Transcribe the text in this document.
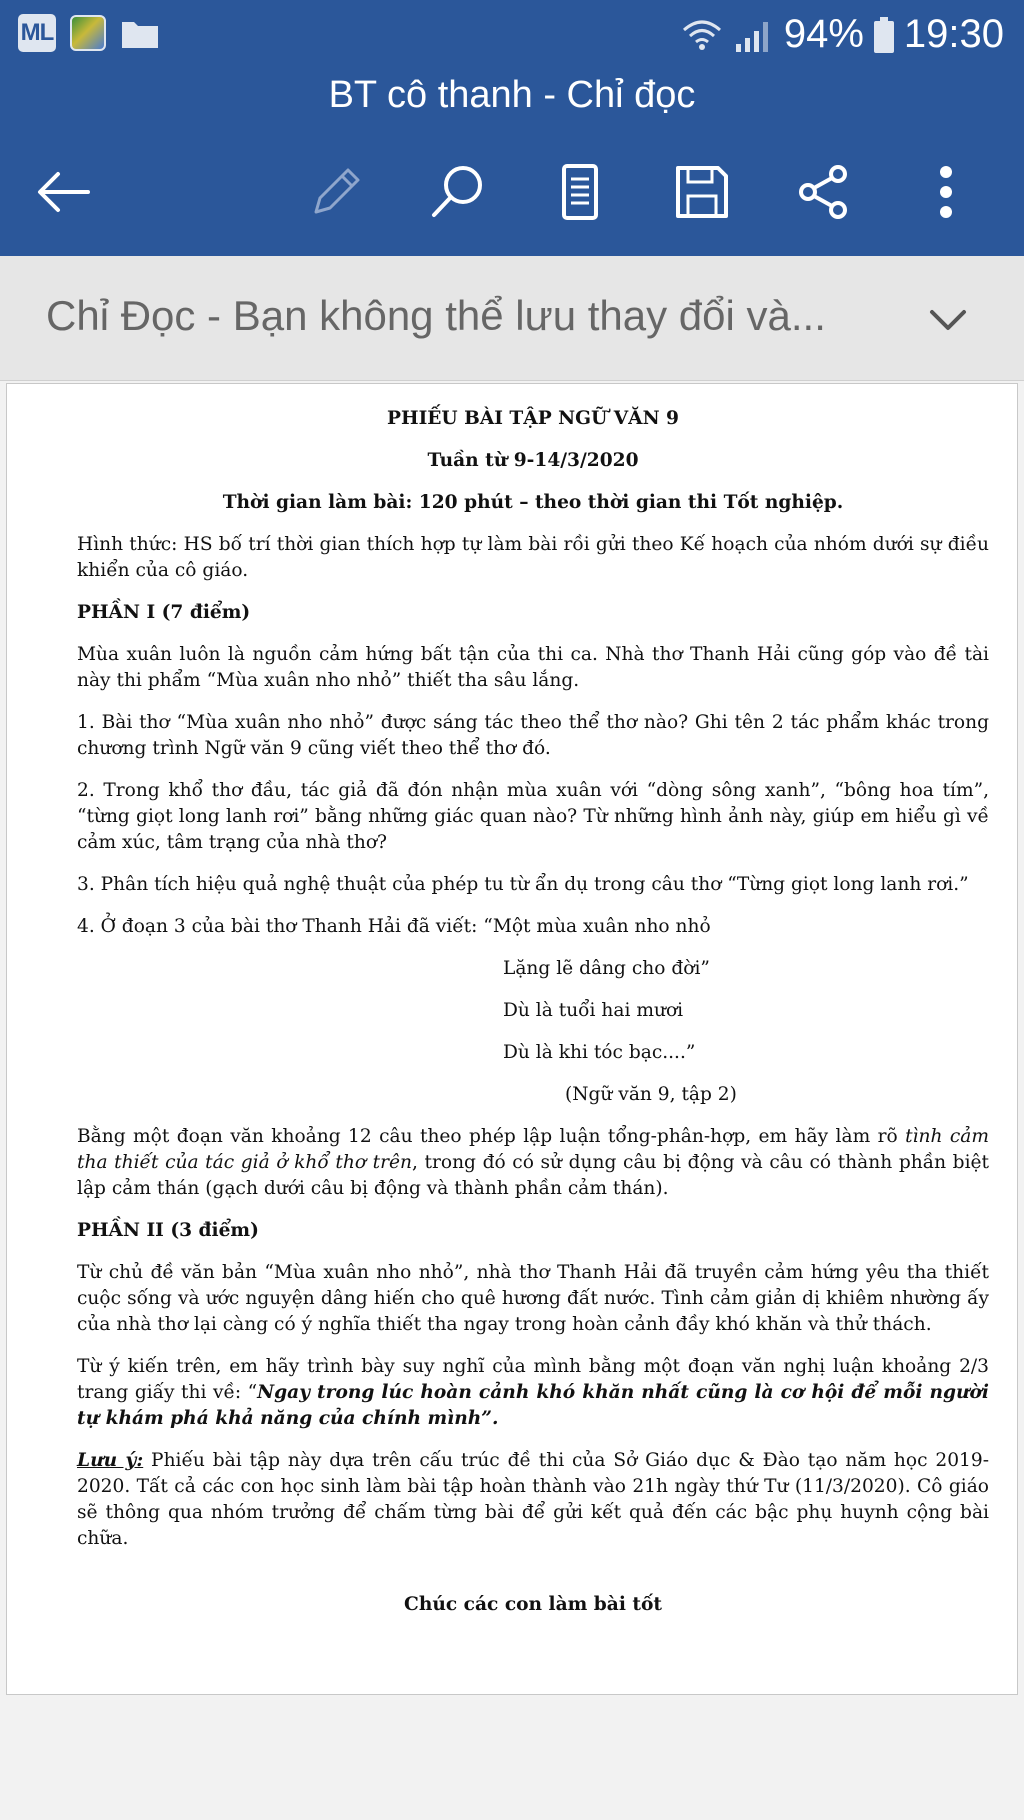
ML	94% 19:30
BT cô thanh - Chỉ đọc
Chỉ Đọc - Bạn không thể lưu thay đổi và...

PHIẾU BÀI TẬP NGỮ VĂN 9

Tuần từ 9-14/3/2020

Thời gian làm bài: 120 phút – theo thời gian thi Tốt nghiệp.

Hình thức: HS bố trí thời gian thích hợp tự làm bài rồi gửi theo Kế hoạch của nhóm dưới sự điều khiển của cô giáo.

PHẦN I (7 điểm)

Mùa xuân luôn là nguồn cảm hứng bất tận của thi ca. Nhà thơ Thanh Hải cũng góp vào đề tài này thi phẩm “Mùa xuân nho nhỏ” thiết tha sâu lắng.

1. Bài thơ “Mùa xuân nho nhỏ” được sáng tác theo thể thơ nào? Ghi tên 2 tác phẩm khác trong chương trình Ngữ văn 9 cũng viết theo thể thơ đó.

2. Trong khổ thơ đầu, tác giả đã đón nhận mùa xuân với “dòng sông xanh”, “bông hoa tím”, “từng giọt long lanh rơi” bằng những giác quan nào? Từ những hình ảnh này, giúp em hiểu gì về cảm xúc, tâm trạng của nhà thơ?

3. Phân tích hiệu quả nghệ thuật của phép tu từ ẩn dụ trong câu thơ “Từng giọt long lanh rơi.”

4. Ở đoạn 3 của bài thơ Thanh Hải đã viết: “Một mùa xuân nho nhỏ

Lặng lẽ dâng cho đời”

Dù là tuổi hai mươi

Dù là khi tóc bạc....”

(Ngữ văn 9, tập 2)

Bằng một đoạn văn khoảng 12 câu theo phép lập luận tổng-phân-hợp, em hãy làm rõ tình cảm tha thiết của tác giả ở khổ thơ trên, trong đó có sử dụng câu bị động và câu có thành phần biệt lập cảm thán (gạch dưới câu bị động và thành phần cảm thán).

PHẦN II (3 điểm)

Từ chủ đề văn bản “Mùa xuân nho nhỏ”, nhà thơ Thanh Hải đã truyền cảm hứng yêu tha thiết cuộc sống và ước nguyện dâng hiến cho quê hương đất nước. Tình cảm giản dị khiêm nhường ấy của nhà thơ lại càng có ý nghĩa thiết tha ngay trong hoàn cảnh đầy khó khăn và thử thách.

Từ ý kiến trên, em hãy trình bày suy nghĩ của mình bằng một đoạn văn nghị luận khoảng 2/3 trang giấy thi về: “Ngay trong lúc hoàn cảnh khó khăn nhất cũng là cơ hội để mỗi người tự khám phá khả năng của chính mình”.

Lưu ý: Phiếu bài tập này dựa trên cấu trúc đề thi của Sở Giáo dục & Đào tạo năm học 2019-2020. Tất cả các con học sinh làm bài tập hoàn thành vào 21h ngày thứ Tư (11/3/2020). Cô giáo sẽ thông qua nhóm trưởng để chấm từng bài để gửi kết quả đến các bậc phụ huynh cộng bài chữa.

Chúc các con làm bài tốt
